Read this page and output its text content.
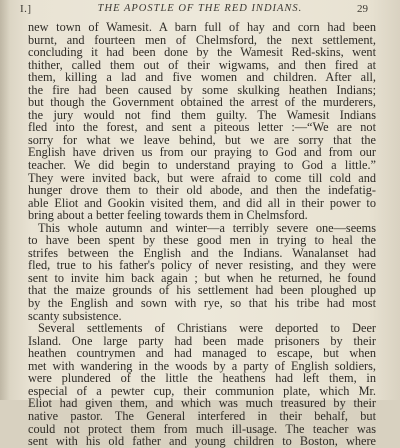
I.]	THE APOSTLE OF THE RED INDIANS.	29
new town of Wamesit. A barn full of hay and corn had been
burnt, and fourteen men of Chelmsford, the next settlement,
concluding it had been done by the Wamesit Red-skins, went
thither, called them out of their wigwams, and then fired at
them, killing a lad and five women and children. After all,
the fire had been caused by some skulking heathen Indians;
but though the Government obtained the arrest of the murderers,
the jury would not find them guilty. The Wamesit Indians
fled into the forest, and sent a piteous letter :—“We are not
sorry for what we leave behind, but we are sorry that the
English have driven us from our praying to God and from our
teacher. We did begin to understand praying to God a little.”
They were invited back, but were afraid to come till cold and
hunger drove them to their old abode, and then the indefatig-
able Eliot and Gookin visited them, and did all in their power to
bring about a better feeling towards them in Chelmsford.
This whole autumn and winter—a terribly severe one—seems
to have been spent by these good men in trying to heal the
strifes between the English and the Indians. Wanalanset had
fled, true to his father's policy of never resisting, and they were
sent to invite him back again ; but when he returned, he found
that the maize grounds of his settlement had been ploughed up
by the English and sown with rye, so that his tribe had most
scanty subsistence.
Several settlements of Christians were deported to Deer
Island. One large party had been made prisoners by their
heathen countrymen and had managed to escape, but when
met with wandering in the woods by a party of English soldiers,
were plundered of the little the heathens had left them, in
especial of a pewter cup, their communion plate, which Mr.
Eliot had given them, and which was much treasured by their
native pastor. The General interfered in their behalf, but
could not protect them from much ill-usage. The teacher was
sent with his old father and young children to Boston, where
